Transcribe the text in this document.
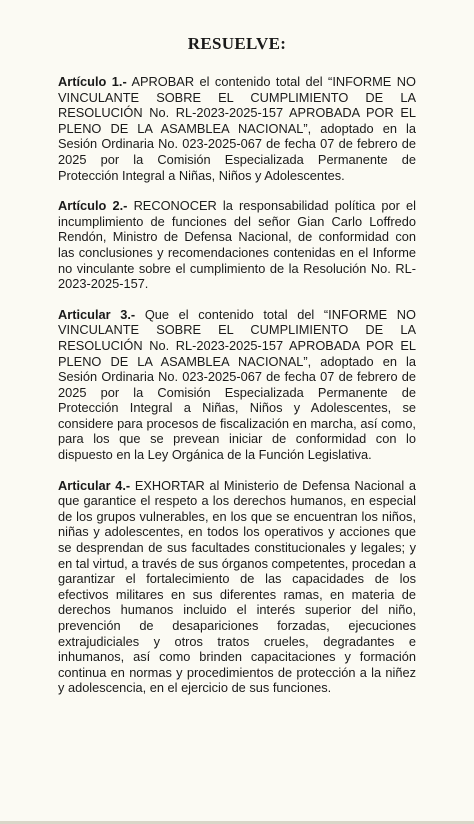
RESUELVE:

Artículo 1.- APROBAR el contenido total del “INFORME NO VINCULANTE SOBRE EL CUMPLIMIENTO DE LA RESOLUCIÓN No. RL-2023-2025-157 APROBADA POR EL PLENO DE LA ASAMBLEA NACIONAL”, adoptado en la Sesión Ordinaria No. 023-2025-067 de fecha 07 de febrero de 2025 por la Comisión Especializada Permanente de Protección Integral a Niñas, Niños y Adolescentes.

Artículo 2.- RECONOCER la responsabilidad política por el incumplimiento de funciones del señor Gian Carlo Loffredo Rendón, Ministro de Defensa Nacional, de conformidad con las conclusiones y recomendaciones contenidas en el Informe no vinculante sobre el cumplimiento de la Resolución No. RL-2023-2025-157.

Articular 3.- Que el contenido total del “INFORME NO VINCULANTE SOBRE EL CUMPLIMIENTO DE LA RESOLUCIÓN No. RL-2023-2025-157 APROBADA POR EL PLENO DE LA ASAMBLEA NACIONAL”, adoptado en la Sesión Ordinaria No. 023-2025-067 de fecha 07 de febrero de 2025 por la Comisión Especializada Permanente de Protección Integral a Niñas, Niños y Adolescentes, se considere para procesos de fiscalización en marcha, así como, para los que se prevean iniciar de conformidad con lo dispuesto en la Ley Orgánica de la Función Legislativa.

Articular 4.- EXHORTAR al Ministerio de Defensa Nacional a que garantice el respeto a los derechos humanos, en especial de los grupos vulnerables, en los que se encuentran los niños, niñas y adolescentes, en todos los operativos y acciones que se desprendan de sus facultades constitucionales y legales; y en tal virtud, a través de sus órganos competentes, procedan a garantizar el fortalecimiento de las capacidades de los efectivos militares en sus diferentes ramas, en materia de derechos humanos incluido el interés superior del niño, prevención de desapariciones forzadas, ejecuciones extrajudiciales y otros tratos crueles, degradantes e inhumanos, así como brinden capacitaciones y formación continua en normas y procedimientos de protección a la niñez y adolescencia, en el ejercicio de sus funciones.
